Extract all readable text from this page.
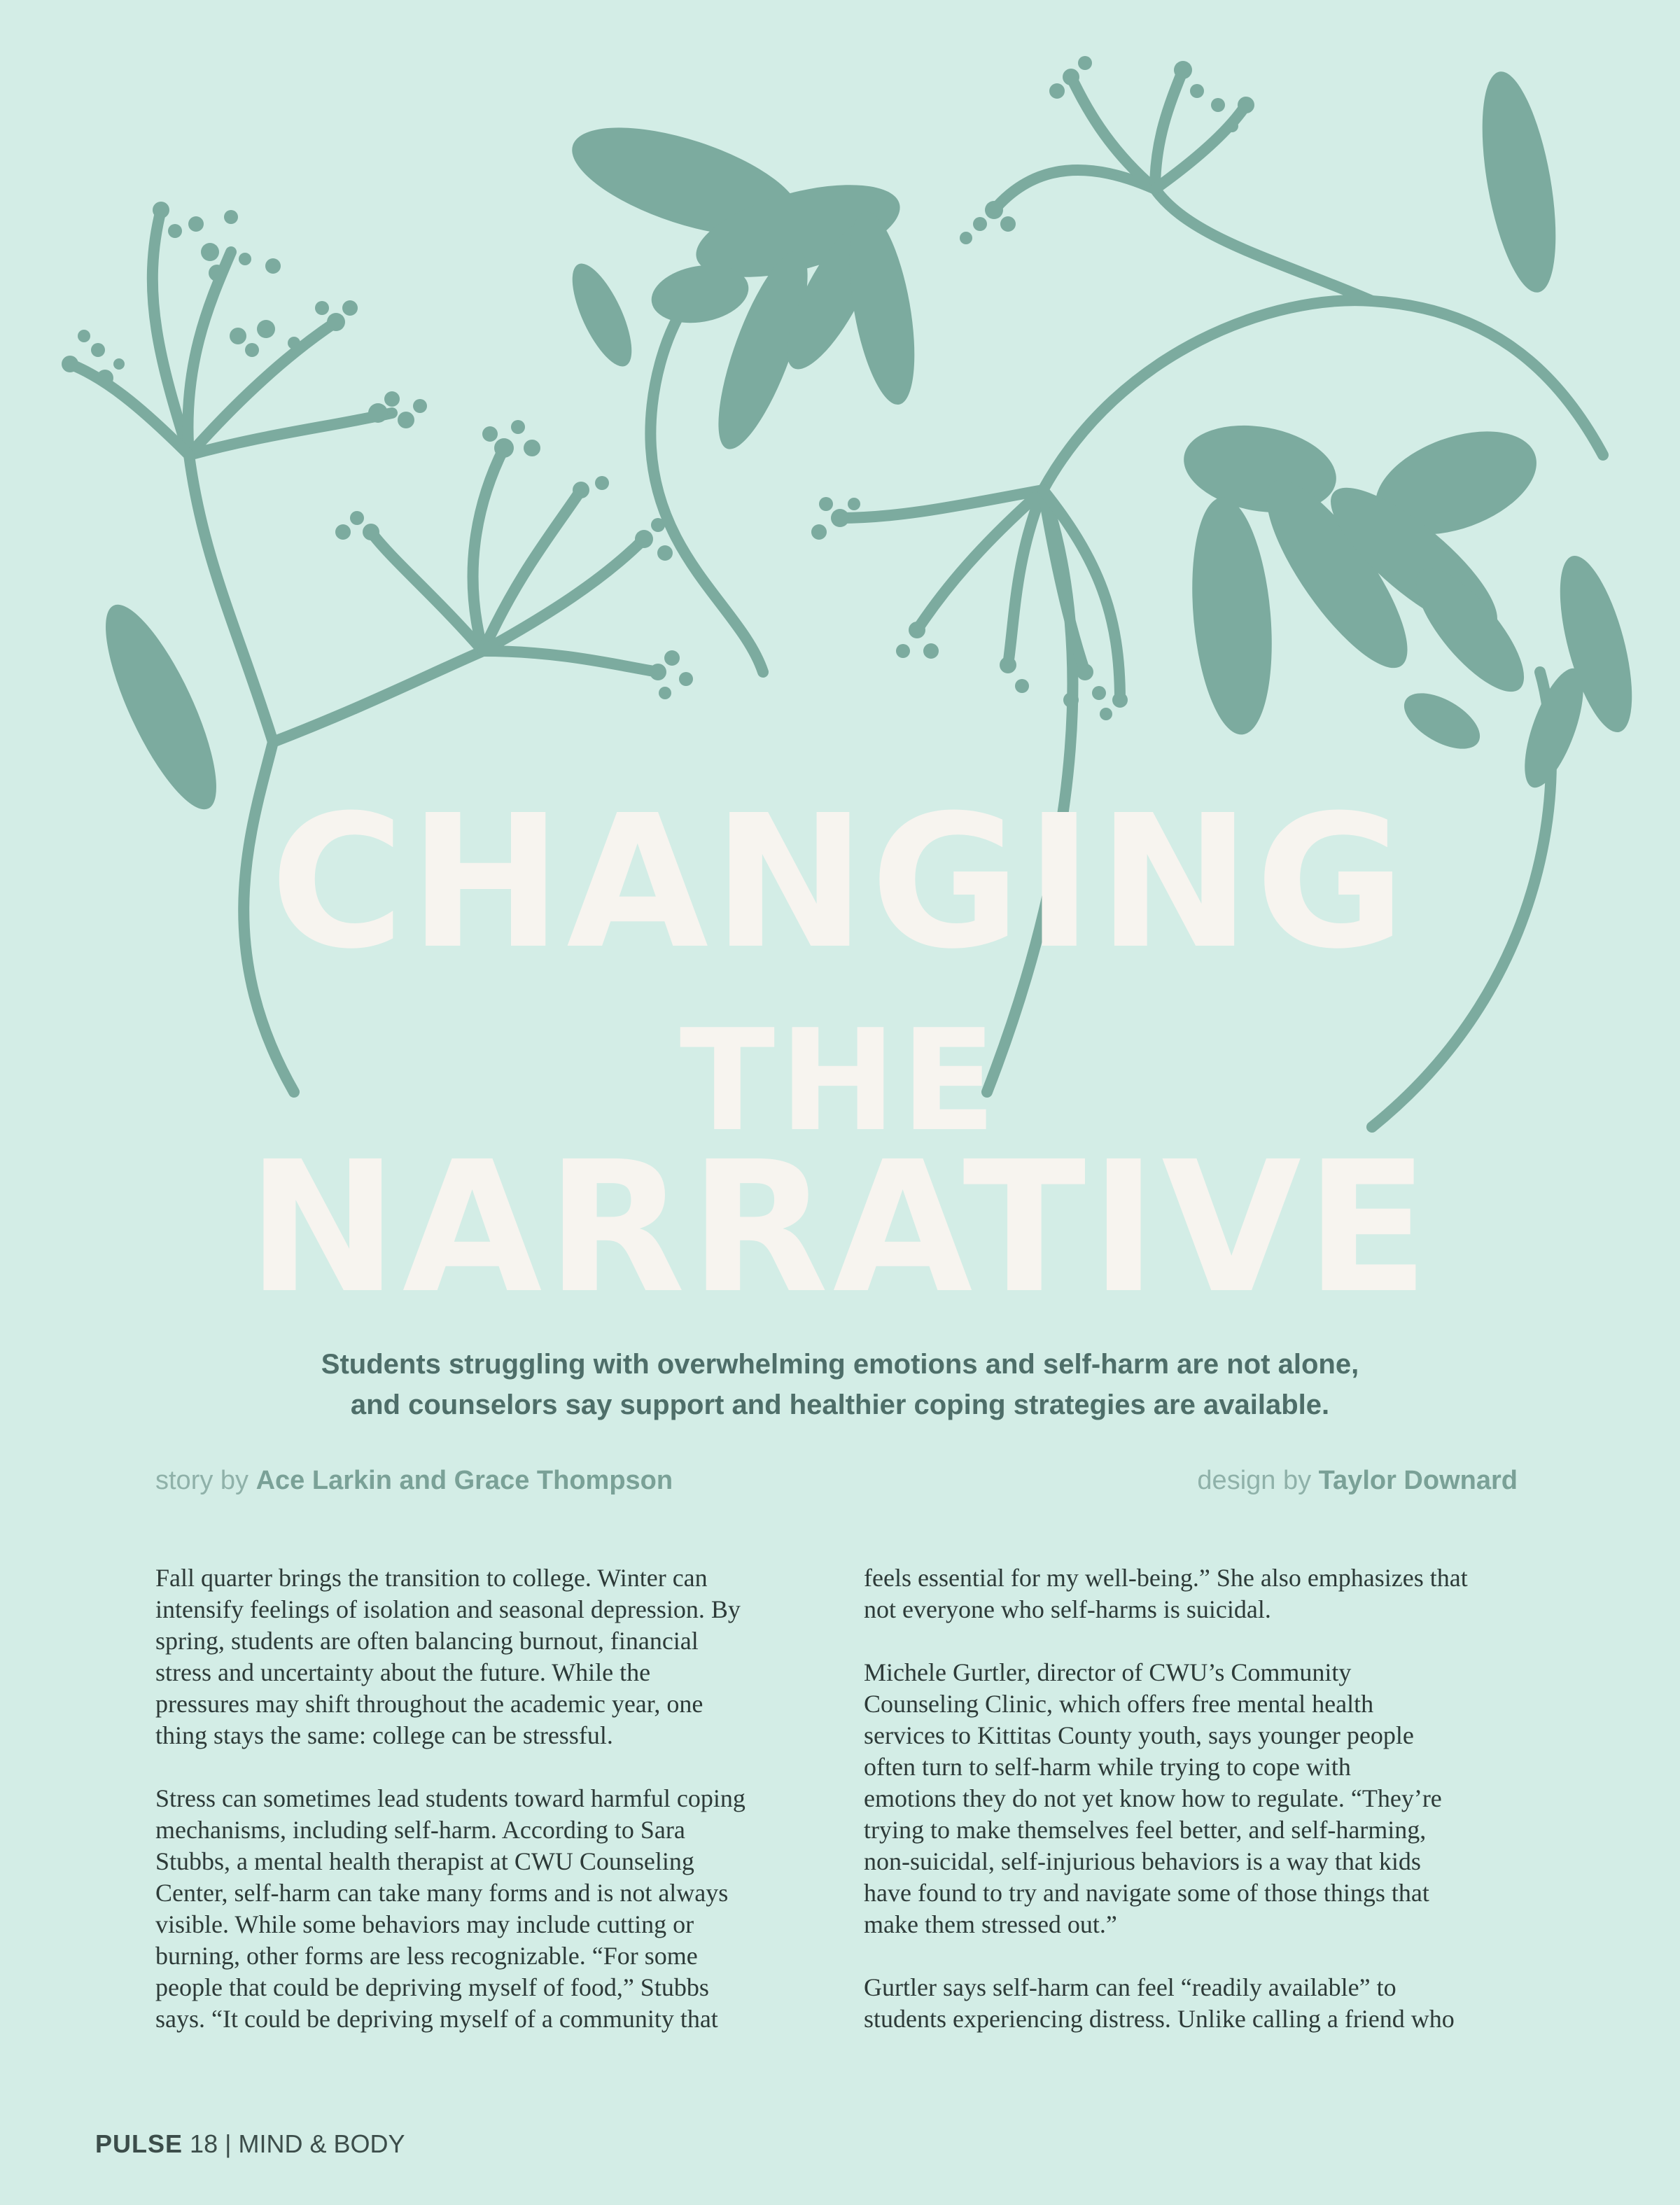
CHANGING
THE
NARRATIVE
Students struggling with overwhelming emotions and self-harm are not alone,
and counselors say support and healthier coping strategies are available.
story by Ace Larkin and Grace Thompson	design by Taylor Downard
Fall quarter brings the transition to college. Winter can
intensify feelings of isolation and seasonal depression. By
spring, students are often balancing burnout, financial
stress and uncertainty about the future. While the
pressures may shift throughout the academic year, one
thing stays the same: college can be stressful.
Stress can sometimes lead students toward harmful coping
mechanisms, including self-harm. According to Sara
Stubbs, a mental health therapist at CWU Counseling
Center, self-harm can take many forms and is not always
visible. While some behaviors may include cutting or
burning, other forms are less recognizable. “For some
people that could be depriving myself of food,” Stubbs
says. “It could be depriving myself of a community that
feels essential for my well-being.” She also emphasizes that
not everyone who self-harms is suicidal.
Michele Gurtler, director of CWU’s Community
Counseling Clinic, which offers free mental health
services to Kittitas County youth, says younger people
often turn to self-harm while trying to cope with
emotions they do not yet know how to regulate. “They’re
trying to make themselves feel better, and self-harming,
non-suicidal, self-injurious behaviors is a way that kids
have found to try and navigate some of those things that
make them stressed out.”
Gurtler says self-harm can feel “readily available” to
students experiencing distress. Unlike calling a friend who
PULSE 18 | MIND & BODY
